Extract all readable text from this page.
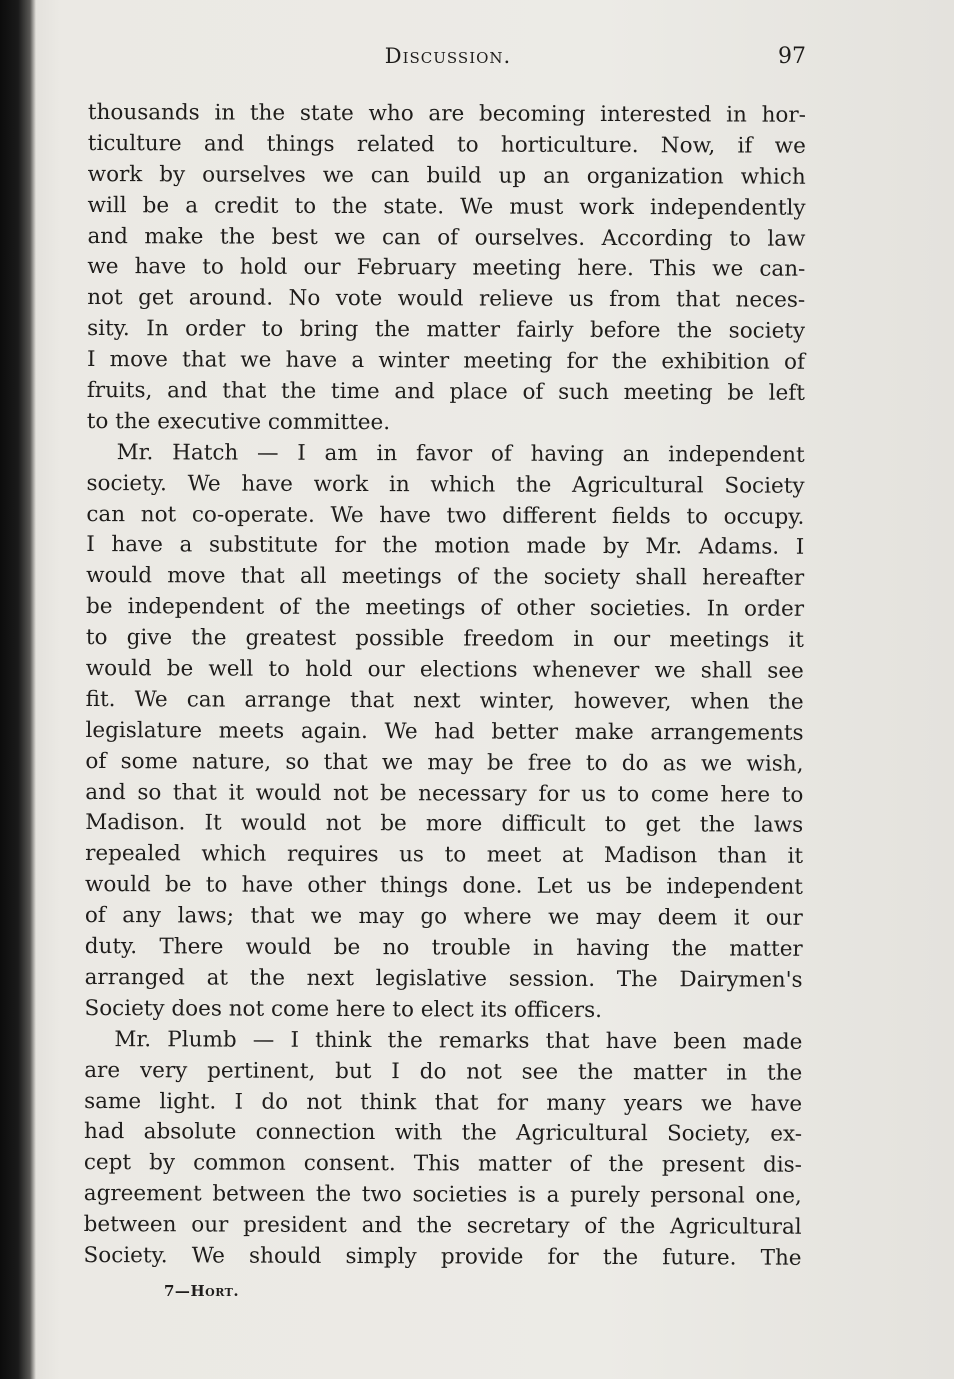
Discussion.	97
thousands in the state who are becoming interested in hor-
ticulture and things related to horticulture. Now, if we
work by ourselves we can build up an organization which
will be a credit to the state. We must work independently
and make the best we can of ourselves. According to law
we have to hold our February meeting here. This we can-
not get around. No vote would relieve us from that neces-
sity. In order to bring the matter fairly before the society
I move that we have a winter meeting for the exhibition of
fruits, and that the time and place of such meeting be left
to the executive committee.
Mr. Hatch — I am in favor of having an independent
society. We have work in which the Agricultural Society
can not co-operate. We have two different fields to occupy.
I have a substitute for the motion made by Mr. Adams. I
would move that all meetings of the society shall hereafter
be independent of the meetings of other societies. In order
to give the greatest possible freedom in our meetings it
would be well to hold our elections whenever we shall see
fit. We can arrange that next winter, however, when the
legislature meets again. We had better make arrangements
of some nature, so that we may be free to do as we wish,
and so that it would not be necessary for us to come here to
Madison. It would not be more difficult to get the laws
repealed which requires us to meet at Madison than it
would be to have other things done. Let us be independent
of any laws; that we may go where we may deem it our
duty. There would be no trouble in having the matter
arranged at the next legislative session. The Dairymen's
Society does not come here to elect its officers.
Mr. Plumb — I think the remarks that have been made
are very pertinent, but I do not see the matter in the
same light. I do not think that for many years we have
had absolute connection with the Agricultural Society, ex-
cept by common consent. This matter of the present dis-
agreement between the two societies is a purely personal one,
between our president and the secretary of the Agricultural
Society. We should simply provide for the future. The
7—Hort.
